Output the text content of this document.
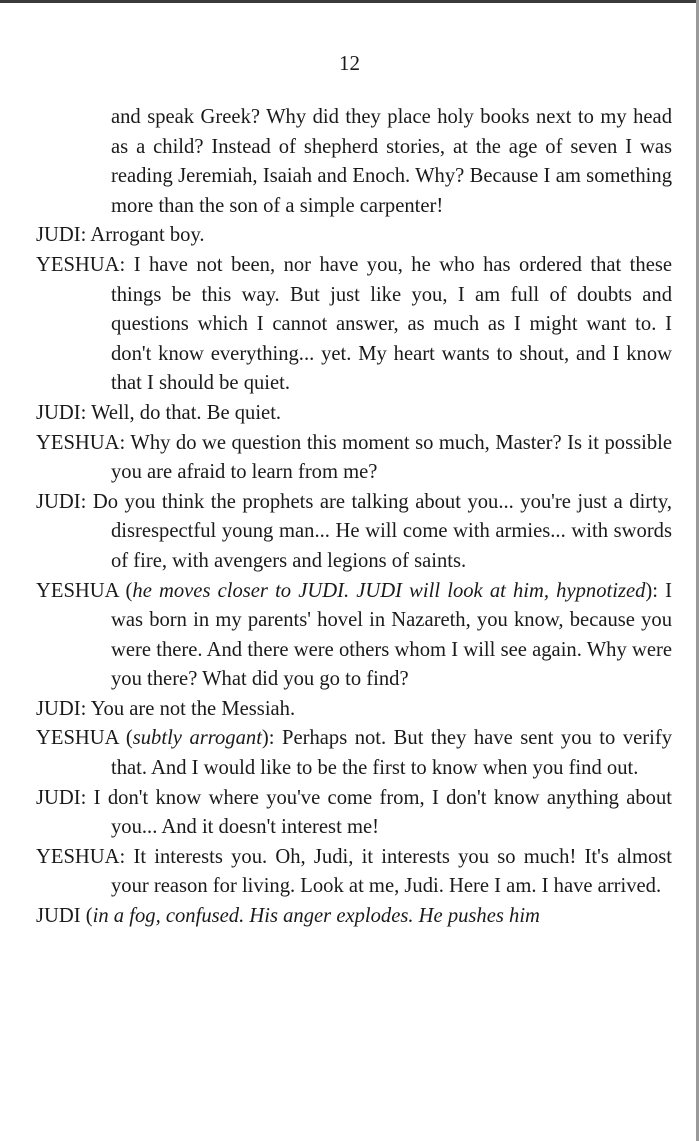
12

and speak Greek? Why did they place holy books next to my head as a child? Instead of shepherd stories, at the age of seven I was reading Jeremiah, Isaiah and Enoch. Why? Because I am something more than the son of a simple carpenter!

JUDI: Arrogant boy.

YESHUA: I have not been, nor have you, he who has ordered that these things be this way. But just like you, I am full of doubts and questions which I cannot answer, as much as I might want to. I don't know everything... yet. My heart wants to shout, and I know that I should be quiet.

JUDI: Well, do that. Be quiet.

YESHUA: Why do we question this moment so much, Master? Is it possible you are afraid to learn from me?

JUDI: Do you think the prophets are talking about you... you're just a dirty, disrespectful young man... He will come with armies... with swords of fire, with avengers and legions of saints.

YESHUA (he moves closer to JUDI. JUDI will look at him, hypnotized): I was born in my parents' hovel in Nazareth, you know, because you were there. And there were others whom I will see again. Why were you there? What did you go to find?

JUDI: You are not the Messiah.

YESHUA (subtly arrogant): Perhaps not. But they have sent you to verify that. And I would like to be the first to know when you find out.

JUDI: I don't know where you've come from, I don't know anything about you... And it doesn't interest me!

YESHUA: It interests you. Oh, Judi, it interests you so much! It's almost your reason for living. Look at me, Judi. Here I am. I have arrived.

JUDI (in a fog, confused. His anger explodes. He pushes him
